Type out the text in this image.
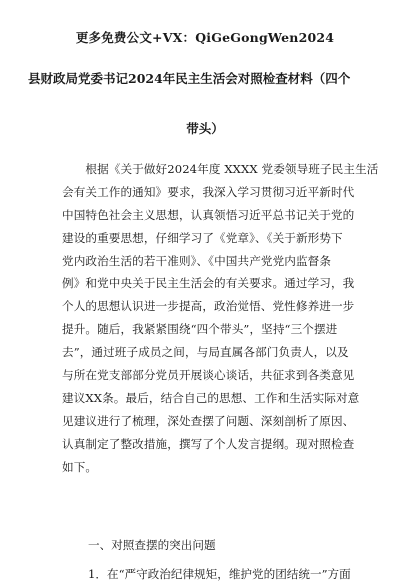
更多免费公文+VX：QiGeGongWen2024
县财政局党委书记2024年民主生活会对照检查材料（四个
带头）
　　根据《关于做好2024年度 XXXX 党委领导班子民主生活
会有关工作的通知》要求，我深入学习贯彻习近平新时代
中国特色社会主义思想，认真领悟习近平总书记关于党的
建设的重要思想，仔细学习了《党章》、《关于新形势下
党内政治生活的若干准则》、《中国共产党党内监督条
例》和党中央关于民主生活会的有关要求。通过学习，我
个人的思想认识进一步提高，政治觉悟、党性修养进一步
提升。随后，我紧紧围绕“四个带头”，坚持“三个摆进
去”，通过班子成员之间，与局直属各部门负责人，以及
与所在党支部部分党员开展谈心谈话，共征求到各类意见
建议XX条。最后，结合自己的思想、工作和生活实际对意
见建议进行了梳理，深处查摆了问题、深刻剖析了原因、
认真制定了整改措施，撰写了个人发言提纲。现对照检查
如下。
一、对照查摆的突出问题
1．在“严守政治纪律规矩，维护党的团结统一”方面
